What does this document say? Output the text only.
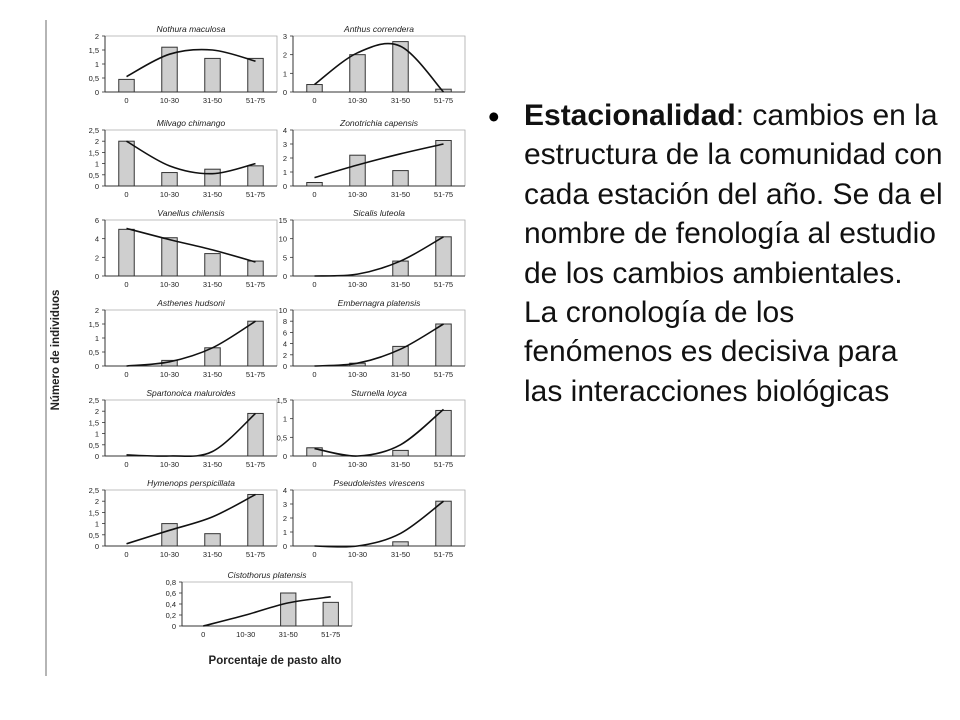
0
0,5
1
1,5
2
0	10-30	31-50	51-75
Nothura maculosa
0
1
2
3
0	10-30	31-50	51-75
Anthus correndera
0
0,5
1
1,5
2
2,5
0	10-30	31-50	51-75
Milvago chimango
0
1
2
3
4
0	10-30	31-50	51-75
Zonotrichia capensis
0
2
4
6
0	10-30	31-50	51-75
Vanellus chilensis
0
5
10
15
0	10-30	31-50	51-75
Sicalis luteola
0
0,5
1
1,5
2
0	10-30	31-50	51-75
Asthenes hudsoni
0
2
4
6
8
10
0	10-30	31-50	51-75
Embernagra platensis
0
0,5
1
1,5
2
2,5
0	10-30	31-50	51-75
Spartonoica maluroides
0
0,5
1
1,5
0	10-30	31-50	51-75
Sturnella loyca
0
0,5
1
1,5
2
2,5
0	10-30	31-50	51-75
Hymenops perspicillata
0
1
2
3
4
0	10-30	31-50	51-75
Pseudoleistes virescens
0
0,2
0,4
0,6
0,8
0	10-30	31-50	51-75
Cistothorus platensis
Número de individuos
Porcentaje de pasto alto
• Estacionalidad: cambios en la estructura de la comunidad con cada estación del año. Se da el nombre de fenología al estudio de los cambios ambientales. La cronología de los fenómenos es decisiva para las interacciones biológicas
